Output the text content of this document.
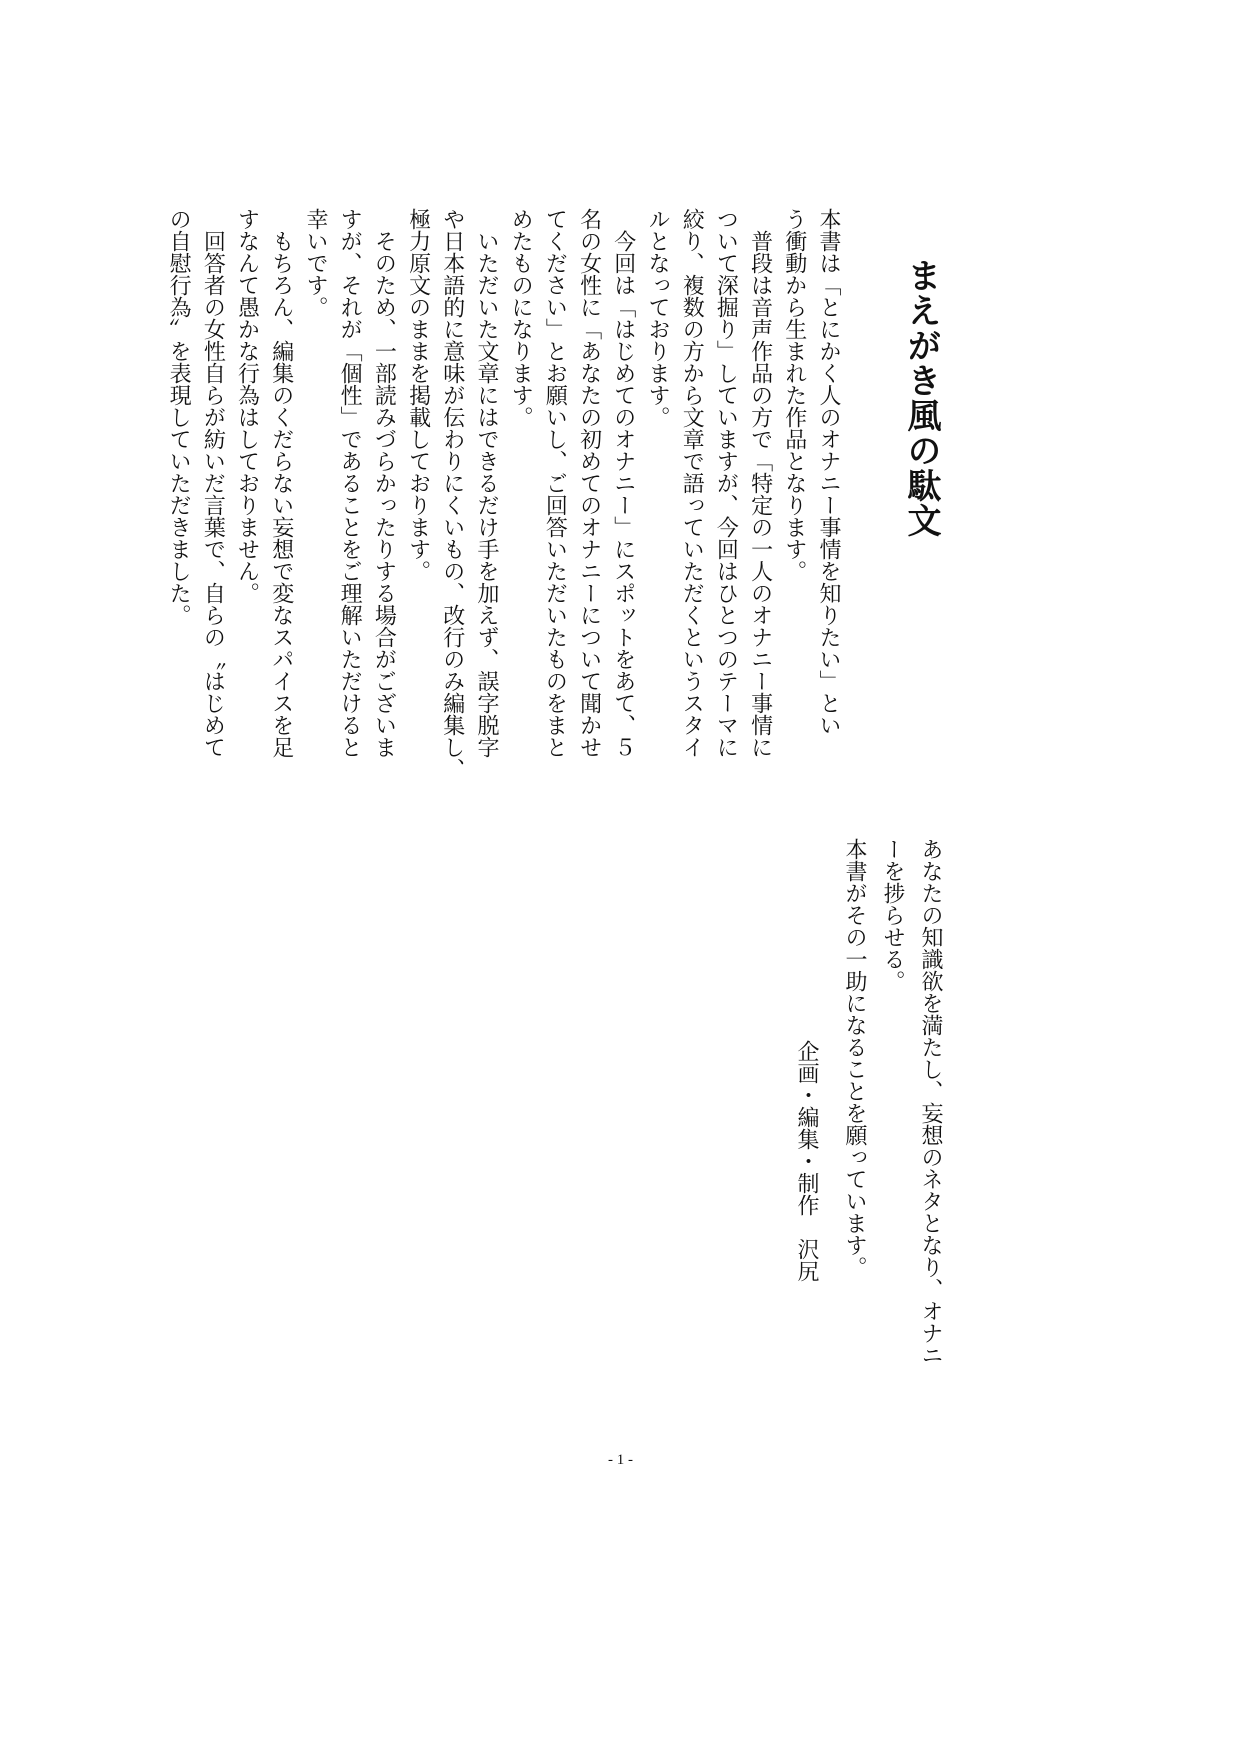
まえがき風の駄文
本書は「とにかく人のオナニー事情を知りたい」とい
う衝動から生まれた作品となります。
　普段は音声作品の方で「特定の一人のオナニー事情に
ついて深掘り」していますが、今回はひとつのテーマに
絞り、複数の方から文章で語っていただくというスタイ
ルとなっております。
　今回は「はじめてのオナニー」にスポットをあて、５
名の女性に「あなたの初めてのオナニーについて聞かせ
てください」とお願いし、ご回答いただいたものをまと
めたものになります。
　いただいた文章にはできるだけ手を加えず、誤字脱字
や日本語的に意味が伝わりにくいもの、改行のみ編集し、
極力原文のままを掲載しております。
　そのため、一部読みづらかったりする場合がございま
すが、それが「個性」であることをご理解いただけると
幸いです。
　もちろん、編集のくだらない妄想で変なスパイスを足
すなんて愚かな行為はしておりません。
　回答者の女性自らが紡いだ言葉で、自らの〝はじめて
の自慰行為〟を表現していただきました。
あなたの知識欲を満たし、妄想のネタとなり、オナニ
ーを捗らせる。
本書がその一助になることを願っています。
企画・編集・制作　沢尻
- 1 -
